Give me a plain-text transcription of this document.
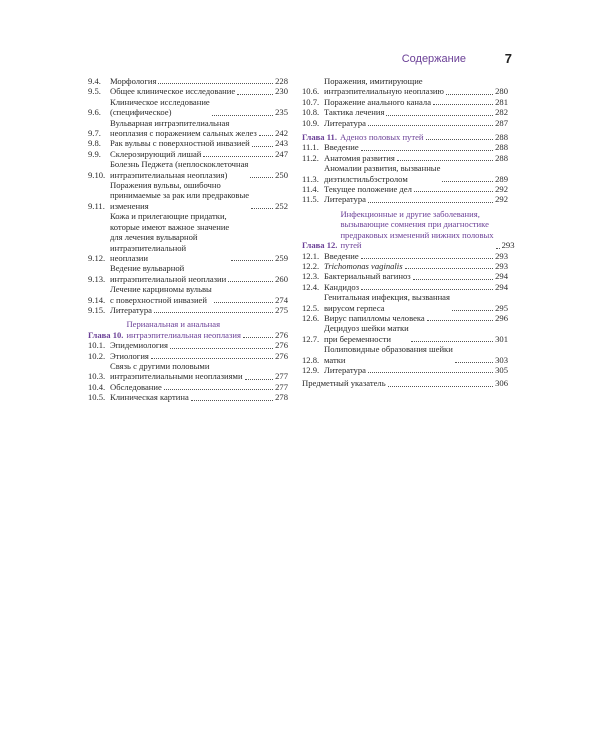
Содержание	7
9.4.	Морфология	228
9.5.	Общее клиническое исследование	230
9.6.
Клиническое исследование
(специфическое)	235
9.7.
Вульварная интраэпителиальная
неоплазия с поражением сальных желез 242
9.8.	Рак вульвы с поверхностной инвазией	243
9.9.	Склерозирующий лишай	247
9.10.
Болезнь Педжета (неплоскоклеточная
интраэпителиальная неоплазия)	250
9.11.
Поражения вульвы, ошибочно
принимаемые за рак или предраковые
изменения	252
9.12.
Кожа и прилегающие придатки,
которые имеют важное значение
для лечения вульварной
интраэпителиальной
неоплазии	259
9.13.
Ведение вульварной
интраэпителиальной неоплазии	260
9.14.
Лечение карциномы вульвы
с поверхностной инвазией	274
9.15. Литература	275
Глава 10.
Перианальная и анальная
интраэпителиальная неоплазия	276
10.1. Эпидемиология	276
10.2. Этиология	276
10.3.
Связь с другими половыми
интраэпителиальными неоплазиями	277
10.4. Обследование	277
10.5. Клиническая картина	278
10.6.
Поражения, имитирующие
интраэпителиальную неоплазию	280
10.7. Поражение анального канала	281
10.8. Тактика лечения	282
10.9. Литература	287
Глава 11. Аденоз половых путей	288
11.1. Введение	288
11.2. Анатомия развития	288
11.3.
Аномалии развития, вызванные
диэтилстильбэстролом	289
11.4. Текущее положение дел	292
11.5. Литература	292
Глава 12.
Инфекционные и другие заболевания,
вызывающие сомнения при диагностике
предраковых изменений нижних половых
путей	293
12.1. Введение	293
12.2. Trichomonas vaginalis	293
12.3. Бактериальный вагиноз	294
12.4. Кандидоз	294
12.5.
Генитальная инфекция, вызванная
вирусом герпеса	295
12.6. Вирус папилломы человека	296
12.7.
Децидуоз шейки матки
при беременности	301
12.8.
Полиповидные образования шейки
матки	303
12.9. Литература	305
Предметный указатель	306
